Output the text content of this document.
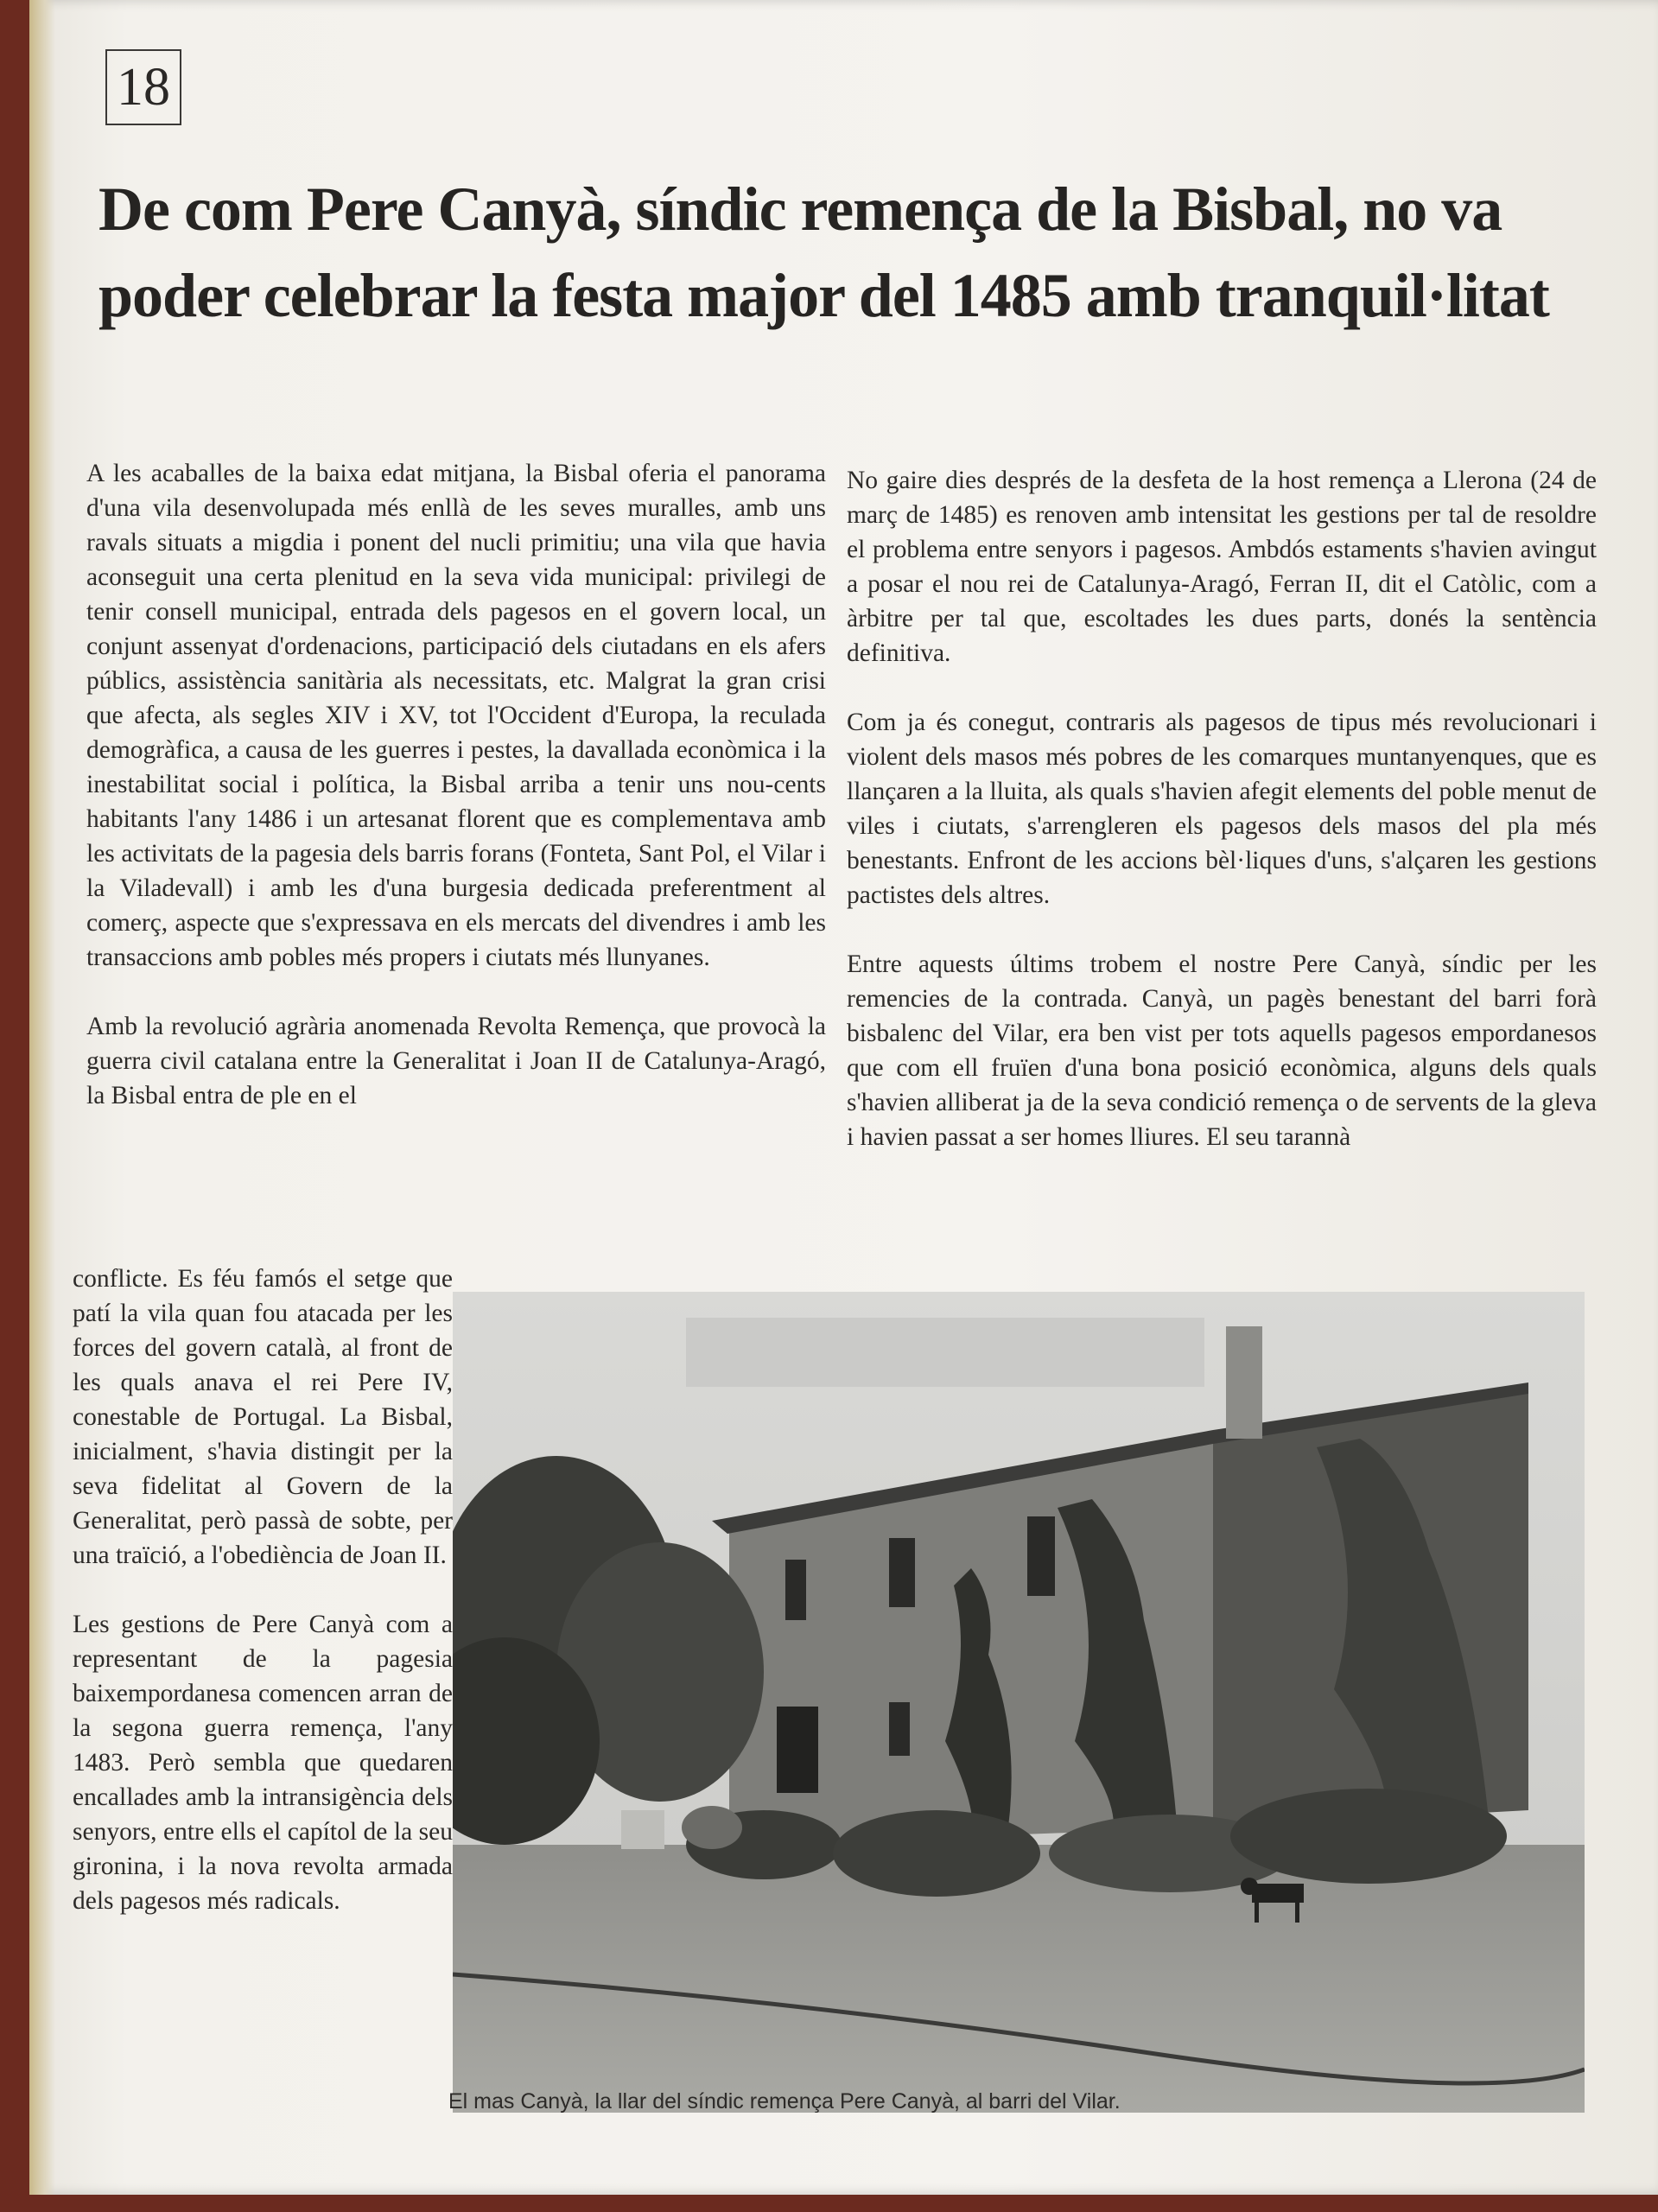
18
De com Pere Canyà, síndic remença de la Bisbal, no va poder celebrar la festa major del 1485 amb tranquil·litat

A les acaballes de la baixa edat mitjana, la Bisbal oferia el panorama d'una vila desenvolupada més enllà de les seves muralles, amb uns ravals situats a migdia i ponent del nucli primitiu; una vila que havia aconseguit una certa plenitud en la seva vida municipal: privilegi de tenir consell municipal, entrada dels pagesos en el govern local, un conjunt assenyat d'ordenacions, participació dels ciutadans en els afers públics, assistència sanitària als necessitats, etc. Malgrat la gran crisi que afecta, als segles XIV i XV, tot l'Occident d'Europa, la reculada demogràfica, a causa de les guerres i pestes, la davallada econòmica i la inestabilitat social i política, la Bisbal arriba a tenir uns nou-cents habitants l'any 1486 i un artesanat florent que es complementava amb les activitats de la pagesia dels barris forans (Fonteta, Sant Pol, el Vilar i la Viladevall) i amb les d'una burgesia dedicada preferentment al comerç, aspecte que s'expressava en els mercats del divendres i amb les transaccions amb pobles més propers i ciutats més llunyanes.

Amb la revolució agrària anomenada Revolta Remença, que provocà la guerra civil catalana entre la Generalitat i Joan II de Catalunya-Aragó, la Bisbal entra de ple en el

conflicte. Es féu famós el setge que patí la vila quan fou atacada per les forces del govern català, al front de les quals anava el rei Pere IV, conestable de Portugal. La Bisbal, inicialment, s'havia distingit per la seva fidelitat al Govern de la Generalitat, però passà de sobte, per una traïció, a l'obediència de Joan II.

Les gestions de Pere Canyà com a representant de la pagesia baixempordanesa comencen arran de la segona guerra remença, l'any 1483. Però sembla que quedaren encallades amb la intransigència dels senyors, entre ells el capítol de la seu gironina, i la nova revolta armada dels pagesos més radicals.

No gaire dies després de la desfeta de la host remença a Llerona (24 de març de 1485) es renoven amb intensitat les gestions per tal de resoldre el problema entre senyors i pagesos. Ambdós estaments s'havien avingut a posar el nou rei de Catalunya-Aragó, Ferran II, dit el Catòlic, com a àrbitre per tal que, escoltades les dues parts, donés la sentència definitiva.

Com ja és conegut, contraris als pagesos de tipus més revolucionari i violent dels masos més pobres de les comarques muntanyenques, que es llançaren a la lluita, als quals s'havien afegit elements del poble menut de viles i ciutats, s'arrengleren els pagesos dels masos del pla més benestants. Enfront de les accions bèl·liques d'uns, s'alçaren les gestions pactistes dels altres.

Entre aquests últims trobem el nostre Pere Canyà, síndic per les remencies de la contrada. Canyà, un pagès benestant del barri forà bisbalenc del Vilar, era ben vist per tots aquells pagesos empordanesos que com ell fruïen d'una bona posició econòmica, alguns dels quals s'havien alliberat ja de la seva condició remença o de servents de la gleva i havien passat a ser homes lliures. El seu tarannà

El mas Canyà, la llar del síndic remença Pere Canyà, al barri del Vilar.
